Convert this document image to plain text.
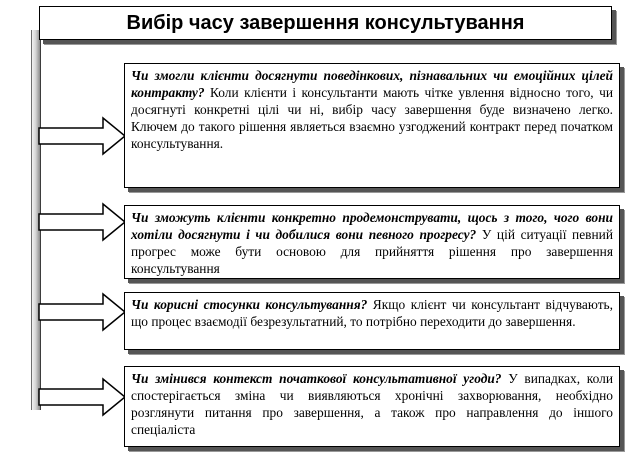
Вибір часу завершення консультування
Чи змогли клієнти досягнути поведінкових, пізнавальних чи емоційних цілей контракту? Коли клієнти і консультанти мають чітке увлення відносно того, чи досягнуті конкретні цілі чи ні, вибір часу завершення буде визначено легко. Ключем до такого рішення являеться взаємно узгоджений контракт перед початком консультування.
Чи зможуть клієнти конкретно продемонструвати, щось з того, чого вони хотіли досягнути і чи добилися вони певного прогресу? У цій ситуації певний прогрес може бути основою для прийняття рішення про завершення консультування
Чи корисні стосунки консультування? Якщо клієнт чи консультант відчувають, що процес взаємодії безрезультатний, то потрібно переходити до завершення.
Чи змінився контекст початкової консультативної угоди? У випадках, коли спостерігається зміна чи виявляються хронічні захворювання, необхідно розглянути питання про завершення, а також про направлення до іншого спеціаліста
